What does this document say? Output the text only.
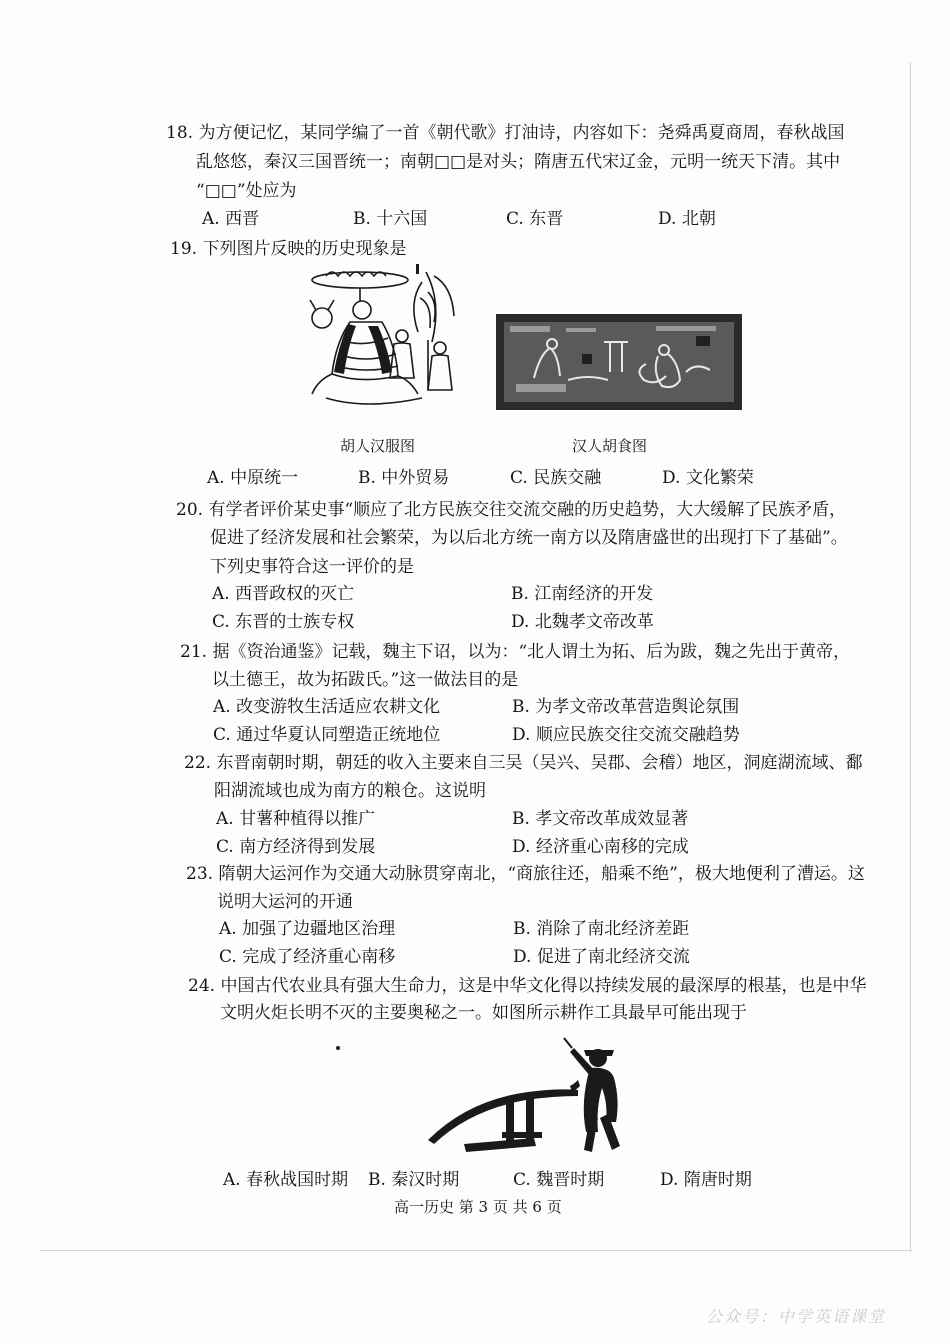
18. 为方便记忆，某同学编了一首《朝代歌》打油诗，内容如下：尧舜禹夏商周，春秋战国
乱悠悠，秦汉三国晋统一；南朝□□是对头；隋唐五代宋辽金，元明一统天下清。其中
“□□”处应为
A. 西晋	B. 十六国	C. 东晋	D. 北朝
19. 下列图片反映的历史现象是
胡人汉服图	汉人胡食图
A. 中原统一	B. 中外贸易	C. 民族交融	D. 文化繁荣
20. 有学者评价某史事“顺应了北方民族交往交流交融的历史趋势，大大缓解了民族矛盾，
促进了经济发展和社会繁荣，为以后北方统一南方以及隋唐盛世的出现打下了基础”。
下列史事符合这一评价的是
A. 西晋政权的灭亡	B. 江南经济的开发
C. 东晋的士族专权	D. 北魏孝文帝改革
21. 据《资治通鉴》记载，魏主下诏，以为：“北人谓土为拓、后为跋，魏之先出于黄帝，
以土德王，故为拓跋氏。”这一做法目的是
A. 改变游牧生活适应农耕文化	B. 为孝文帝改革营造舆论氛围
C. 通过华夏认同塑造正统地位	D. 顺应民族交往交流交融趋势
22. 东晋南朝时期，朝廷的收入主要来自三吴（吴兴、吴郡、会稽）地区，洞庭湖流域、鄱
阳湖流域也成为南方的粮仓。这说明
A. 甘薯种植得以推广	B. 孝文帝改革成效显著
C. 南方经济得到发展	D. 经济重心南移的完成
23. 隋朝大运河作为交通大动脉贯穿南北，“商旅往还，船乘不绝”，极大地便利了漕运。这
说明大运河的开通
A. 加强了边疆地区治理	B. 消除了南北经济差距
C. 完成了经济重心南移	D. 促进了南北经济交流
24. 中国古代农业具有强大生命力，这是中华文化得以持续发展的最深厚的根基，也是中华
文明火炬长明不灭的主要奥秘之一。如图所示耕作工具最早可能出现于
A. 春秋战国时期 B. 秦汉时期	C. 魏晋时期	D. 隋唐时期
高一历史 第 3 页 共 6 页
公众号：中学英语课堂
